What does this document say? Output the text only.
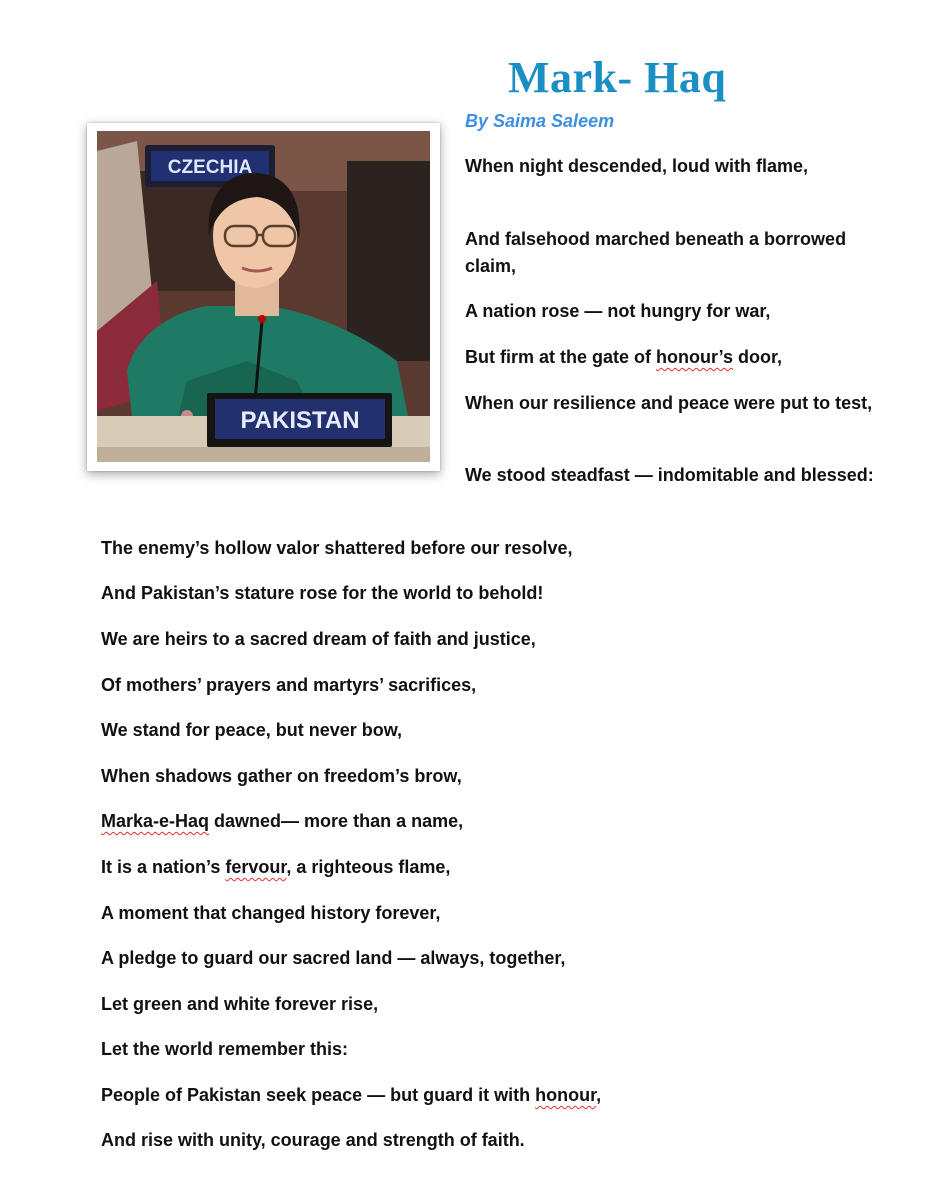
Mark- Haq
By Saima Saleem
CZECHIA
PAKISTAN

When night descended, loud with flame,

And falsehood marched beneath a borrowed claim,

A nation rose — not hungry for war,

But firm at the gate of honour’s door,

When our resilience and peace were put to test,

We stood steadfast — indomitable and blessed:

The enemy’s hollow valor shattered before our resolve,
And Pakistan’s stature rose for the world to behold!
We are heirs to a sacred dream of faith and justice,
Of mothers’ prayers and martyrs’ sacrifices,
We stand for peace, but never bow,
When shadows gather on freedom’s brow,
Marka-e-Haq dawned— more than a name,
It is a nation’s fervour, a righteous flame,
A moment that changed history forever,
A pledge to guard our sacred land — always, together,
Let green and white forever rise,
Let the world remember this:
People of Pakistan seek peace — but guard it with honour,
And rise with unity, courage and strength of faith.
